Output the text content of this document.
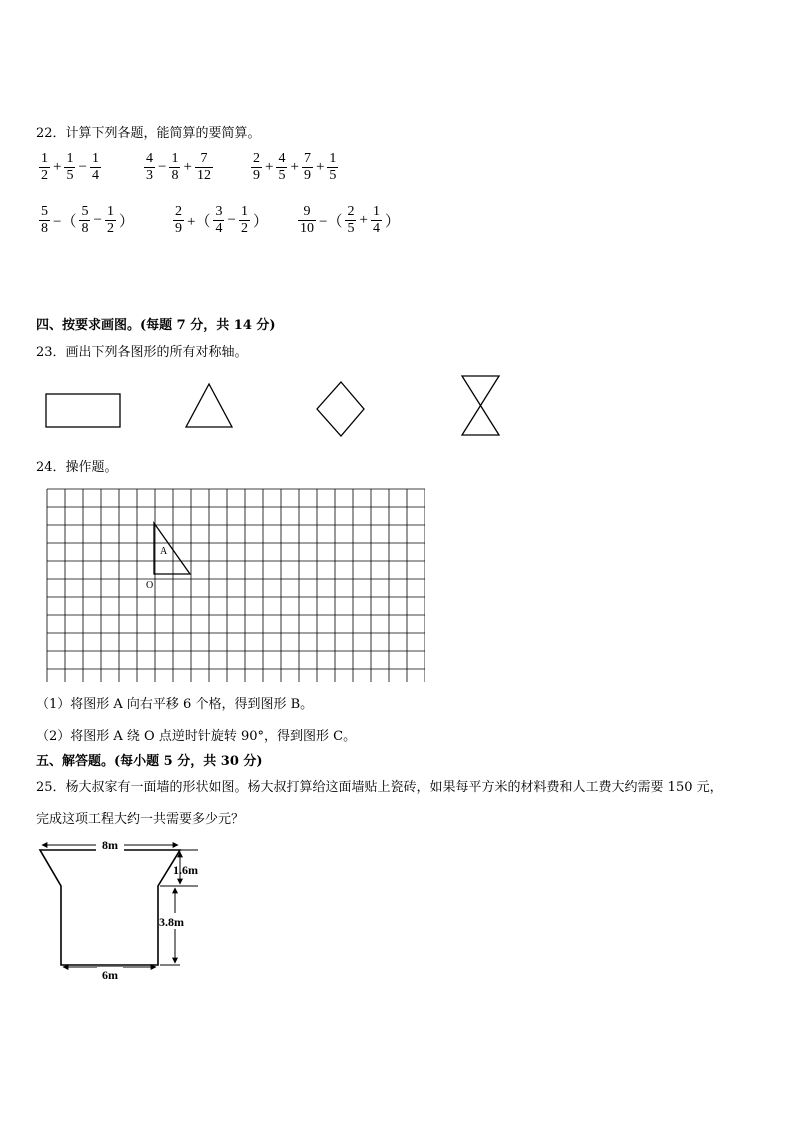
22．计算下列各题，能简算的要简算。
$\frac{1}{2} + \frac{1}{5} - \frac{1}{4}$	$\frac{4}{3} - \frac{1}{8} + \frac{7}{12}$	$\frac{2}{9} + \frac{4}{5} + \frac{7}{9} + \frac{1}{5}$
$\frac{5}{8}$ −（ $\frac{5}{8} - \frac{1}{2}$ ）	$\frac{2}{9}$ +（ $\frac{3}{4} - \frac{1}{2}$ ） $\frac{9}{10}$ −（ $\frac{2}{5} + \frac{1}{4}$ ）
四、按要求画图。(每题 7 分，共 14 分)
23．画出下列各图形的所有对称轴。
24．操作题。
A
O
（1）将图形 A 向右平移 6 个格，得到图形 B。
（2）将图形 A 绕 O 点逆时针旋转 90°，得到图形 C。
五、解答题。(每小题 5 分，共 30 分)
25．杨大叔家有一面墙的形状如图。杨大叔打算给这面墙贴上瓷砖，如果每平方米的材料费和人工费大约需要 150 元，
完成这项工程大约一共需要多少元？
8m
1.6m
3.8m
6m
